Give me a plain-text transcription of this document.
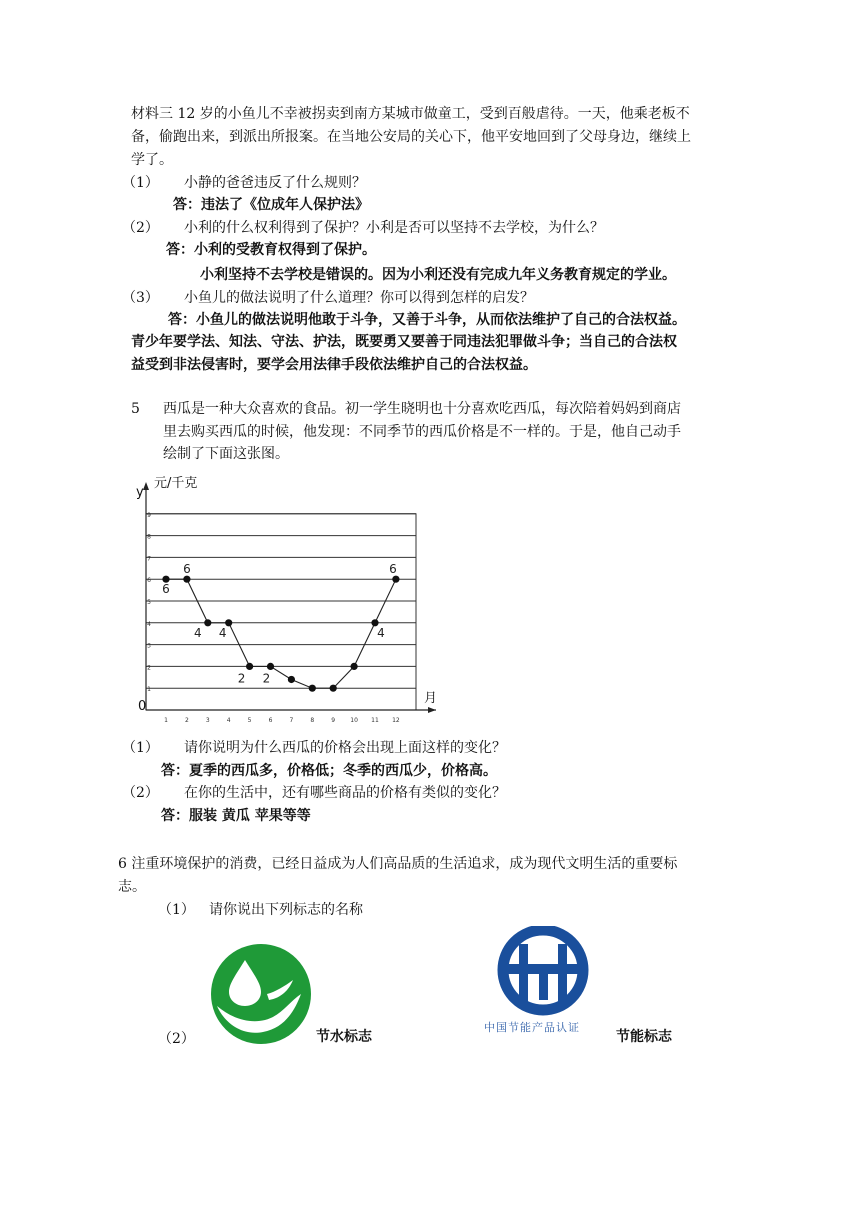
材料三 12 岁的小鱼儿不幸被拐卖到南方某城市做童工，受到百般虐待。一天，他乘老板不
备，偷跑出来，到派出所报案。在当地公安局的关心下，他平安地回到了父母身边，继续上
学了。
（1） 小静的爸爸违反了什么规则？
答：违法了《位成年人保护法》
（2） 小利的什么权利得到了保护？小利是否可以坚持不去学校，为什么？
答：小利的受教育权得到了保护。
小利坚持不去学校是错误的。因为小利还没有完成九年义务教育规定的学业。
（3） 小鱼儿的做法说明了什么道理？你可以得到怎样的启发？
答：小鱼儿的做法说明他敢于斗争，又善于斗争，从而依法维护了自己的合法权益。
青少年要学法、知法、守法、护法，既要勇又要善于同违法犯罪做斗争；当自己的合法权
益受到非法侵害时，要学会用法律手段依法维护自己的合法权益。
5 西瓜是一种大众喜欢的食品。初一学生晓明也十分喜欢吃西瓜，每次陪着妈妈到商店
里去购买西瓜的时候，他发现：不同季节的西瓜价格是不一样的。于是，他自己动手
绘制了下面这张图。
1
2
3
4
5
6
7
8
9
y
元/千克
月
0
1	2	3	4	5	6	7	8	9	10 11 12
6
6
4 4
2 2
4
6
（1） 请你说明为什么西瓜的价格会出现上面这样的变化？
答：夏季的西瓜多，价格低；冬季的西瓜少，价格高。
（2） 在你的生活中，还有哪些商品的价格有类似的变化？
答：服装 黄瓜 苹果等等
6 注重环境保护的消费，已经日益成为人们高品质的生活追求，成为现代文明生活的重要标
志。
（1） 请你说出下列标志的名称
中国节能产品认证
（2）	节水标志	节能标志
